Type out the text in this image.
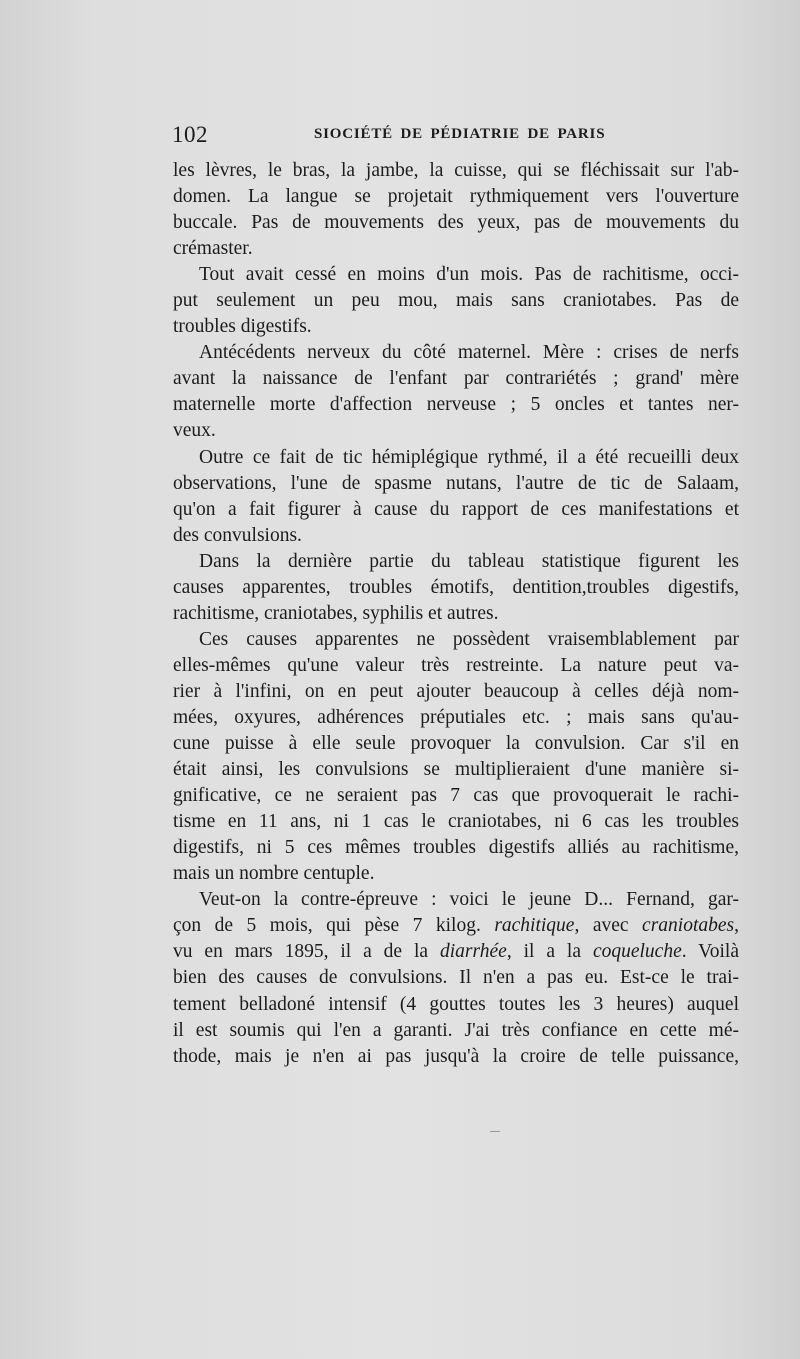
102	SIOCIÉTÉ DE PÉDIATRIE DE PARIS
les lèvres, le bras, la jambe, la cuisse, qui se fléchissait sur l'ab-
domen. La langue se projetait rythmiquement vers l'ouverture
buccale. Pas de mouvements des yeux, pas de mouvements du
crémaster.
Tout avait cessé en moins d'un mois. Pas de rachitisme, occi-
put seulement un peu mou, mais sans craniotabes. Pas de
troubles digestifs.
Antécédents nerveux du côté maternel. Mère : crises de nerfs
avant la naissance de l'enfant par contrariétés ; grand' mère
maternelle morte d'affection nerveuse ; 5 oncles et tantes ner-
veux.
Outre ce fait de tic hémiplégique rythmé, il a été recueilli deux
observations, l'une de spasme nutans, l'autre de tic de Salaam,
qu'on a fait figurer à cause du rapport de ces manifestations et
des convulsions.
Dans la dernière partie du tableau statistique figurent les
causes apparentes, troubles émotifs, dentition,troubles digestifs,
rachitisme, craniotabes, syphilis et autres.
Ces causes apparentes ne possèdent vraisemblablement par
elles-mêmes qu'une valeur très restreinte. La nature peut va-
rier à l'infini, on en peut ajouter beaucoup à celles déjà nom-
mées, oxyures, adhérences préputiales etc. ; mais sans qu'au-
cune puisse à elle seule provoquer la convulsion. Car s'il en
était ainsi, les convulsions se multiplieraient d'une manière si-
gnificative, ce ne seraient pas 7 cas que provoquerait le rachi-
tisme en 11 ans, ni 1 cas le craniotabes, ni 6 cas les troubles
digestifs, ni 5 ces mêmes troubles digestifs alliés au rachitisme,
mais un nombre centuple.
Veut-on la contre-épreuve : voici le jeune D... Fernand, gar-
çon de 5 mois, qui pèse 7 kilog. rachitique, avec craniotabes,
vu en mars 1895, il a de la diarrhée, il a la coqueluche. Voilà
bien des causes de convulsions. Il n'en a pas eu. Est-ce le trai-
tement belladoné intensif (4 gouttes toutes les 3 heures) auquel
il est soumis qui l'en a garanti. J'ai très confiance en cette mé-
thode, mais je n'en ai pas jusqu'à la croire de telle puissance,
